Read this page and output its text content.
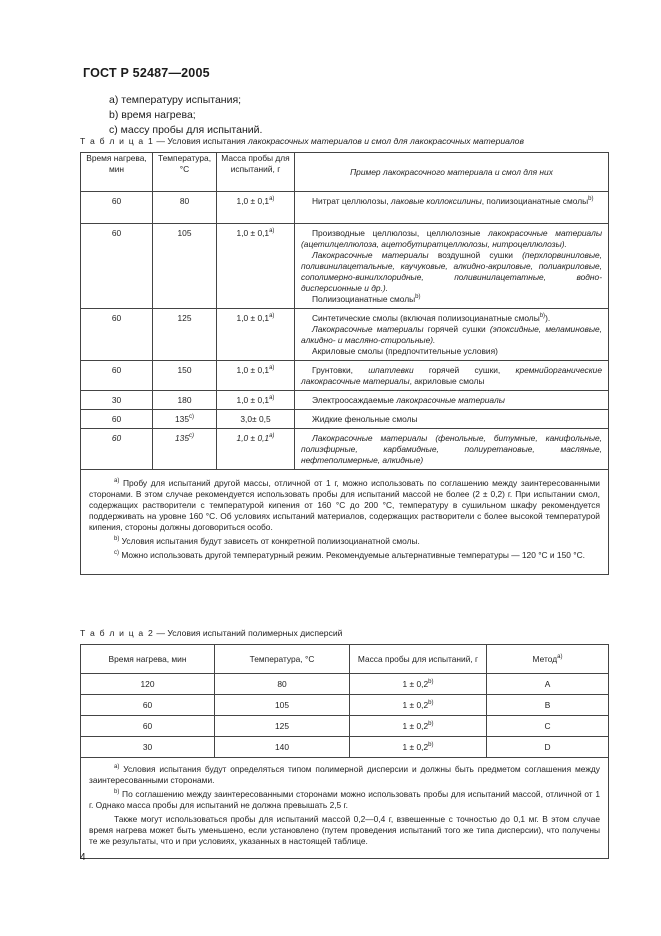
ГОСТ Р 52487—2005
a) температуру испытания;
b) время нагрева;
c) массу пробы для испытаний.
Т а б л и ц а 1 — Условия испытания лакокрасочных материалов и смол для лакокрасочных материалов
Время нагрева, мин	Температура, °С	Масса пробы для испытаний, г	Пример лакокрасочного материала и смол для них
60	80	$1,0 \pm 0,1^{a)}$	Нитрат целлюлозы, лаковые коллоксилины, полиизоцианатные смолы$^{b)}$

60	105	$1,0 \pm 0,1^{a)}$	Производные целлюлозы, целлюлозные лакокрасочные материалы (ацетилцеллюлоза, ацетобутиратцеллюлозы, нитроцеллюлозы).
Лакокрасочные материалы воздушной сушки (перхлорвиниловые, поливинилацетальные, каучуковые, алкидно-акриловые, полиакриловые, сополимерно-винилхлоридные, поливинилацетатные, водно-дисперсионные и др.).
Полиизоцианатные смолы$^{b)}$

60	125	$1,0 \pm 0,1^{a)}$	Синтетические смолы (включая полиизоцианатные смолы$^{b)}$).
Лакокрасочные материалы горячей сушки (эпоксидные, меламиновые, алкидно- и масляно-стирольные).
Акриловые смолы (предпочтительные условия)

60	150	$1,0 \pm 0,1^{a)}$	Грунтовки, шпатлевки горячей сушки, кремнийорганические лакокрасочные материалы, акриловые смолы

30	180	$1,0 \pm 0,1^{a)}$	Электроосаждаемые лакокрасочные материалы

60	135$^{c)}$	3,0± 0,5	Жидкие фенольные смолы

60	135$^{c)}$	$1,0 \pm 0,1^{a)}$	Лакокрасочные материалы (фенольные, битумные, канифольные, полиэфирные, карбамидные, полиуретановые, масляные, нефтеполимерные, алкидные)

$^{a)}$ Пробу для испытаний другой массы, отличной от 1 г, можно использовать по соглашению между заинтересованными сторонами. В этом случае рекомендуется использовать пробы для испытаний массой не более (2 ± 0,2) г. При испытании смол, содержащих растворители с температурой кипения от 160 °С до 200 °С, температуру в сушильном шкафу рекомендуется поддерживать на уровне 160 °С. Об условиях испытаний материалов, содержащих растворители с более высокой температурой кипения, стороны должны договориться особо.
$^{b)}$ Условия испытания будут зависеть от конкретной полиизоцианатной смолы.
$^{c)}$ Можно использовать другой температурный режим. Рекомендуемые альтернативные температуры — 120 °С и 150 °С.			
Т а б л и ц а 2 — Условия испытаний полимерных дисперсий
Время нагрева, мин	Температура, °С	Масса пробы для испытаний, г	Метод$^{a)}$
120	80	$1 \pm 0,2^{b)}$	A
60	105	$1 \pm 0,2^{b)}$	B
60	125	$1 \pm 0,2^{b)}$	C
30	140	$1 \pm 0,2^{b)}$	D

$^{a)}$ Условия испытания будут определяться типом полимерной дисперсии и должны быть предметом соглашения между заинтересованными сторонами.
$^{b)}$ По соглашению между заинтересованными сторонами можно использовать пробы для испытаний массой, отличной от 1 г. Однако масса пробы для испытаний не должна превышать 2,5 г.
Также могут использоваться пробы для испытаний массой 0,2—0,4 г, взвешенные с точностью до 0,1 мг. В этом случае время нагрева может быть уменьшено, если установлено (путем проведения испытаний того же типа дисперсии), что получены те же результаты, что и при условиях, указанных в настоящей таблице.			
4
